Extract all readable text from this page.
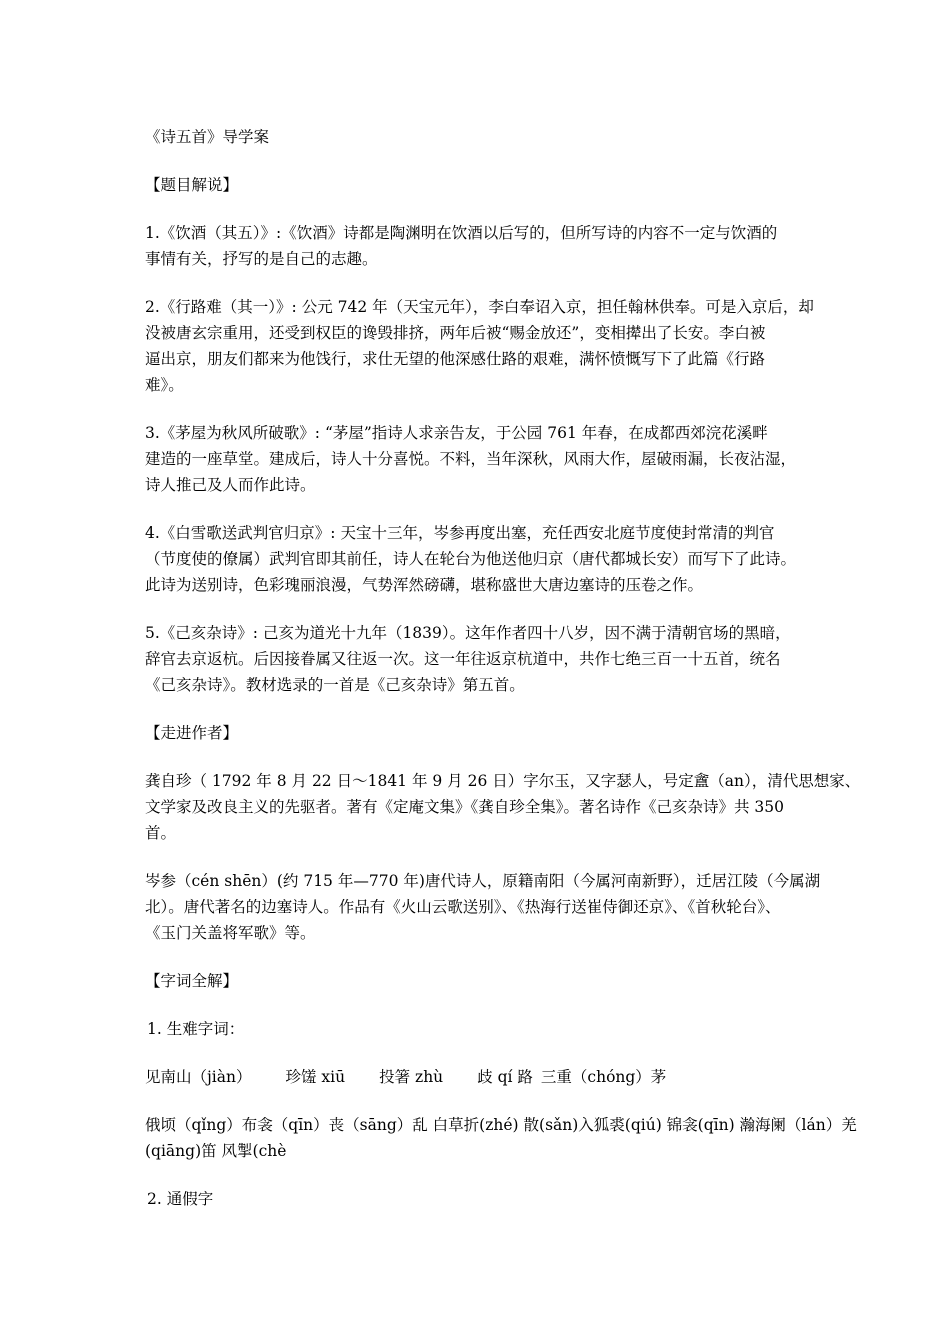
《诗五首》导学案

【题目解说】

1.《饮酒（其五）》:《饮酒》诗都是陶渊明在饮酒以后写的，但所写诗的内容不一定与饮酒的
事情有关，抒写的是自己的志趣。

2.《行路难（其一）》: 公元 742 年（天宝元年），李白奉诏入京，担任翰林供奉。可是入京后，却
没被唐玄宗重用，还受到权臣的谗毁排挤，两年后被“赐金放还”，变相撵出了长安。李白被
逼出京，朋友们都来为他饯行，求仕无望的他深感仕路的艰难，满怀愤慨写下了此篇《行路
难》。

3.《茅屋为秋风所破歌》: “茅屋”指诗人求亲告友，于公园 761 年春，在成都西郊浣花溪畔
建造的一座草堂。建成后，诗人十分喜悦。不料，当年深秋，风雨大作，屋破雨漏，长夜沾湿，
诗人推己及人而作此诗。

4.《白雪歌送武判官归京》: 天宝十三年，岑参再度出塞，充任西安北庭节度使封常清的判官
（节度使的僚属）武判官即其前任，诗人在轮台为他送他归京（唐代都城长安）而写下了此诗。
此诗为送别诗，色彩瑰丽浪漫，气势浑然磅礴，堪称盛世大唐边塞诗的压卷之作。

5.《己亥杂诗》: 己亥为道光十九年（1839）。这年作者四十八岁，因不满于清朝官场的黑暗，
辞官去京返杭。后因接眷属又往返一次。这一年往返京杭道中，共作七绝三百一十五首，统名
《己亥杂诗》。教材选录的一首是《己亥杂诗》第五首。

【走进作者】

龚自珍（ 1792 年 8 月 22 日～1841 年 9 月 26 日）字尔玉，又字瑟人，号定盦（an），清代思想家、
文学家及改良主义的先驱者。著有《定庵文集》《龚自珍全集》。著名诗作《己亥杂诗》共 350
首。

岑参（cén shēn）(约 715 年—770 年)唐代诗人，原籍南阳（今属河南新野），迁居江陵（今属湖
北）。唐代著名的边塞诗人。作品有《火山云歌送别》、《热海行送崔侍御还京》、《首秋轮台》、
《玉门关盖将军歌》等。

【字词全解】

1. 生难字词：

见南山（jiàn） 珍馐 xiū 投箸 zhù 歧 qí 路 三重（chóng）茅

俄顷（qǐng）布衾（qīn）丧（sāng）乱 白草折(zhé) 散(sǎn)入狐裘(qiú) 锦衾(qīn) 瀚海阑（lán）羌
(qiāng)笛 风掣(chè

2. 通假字
